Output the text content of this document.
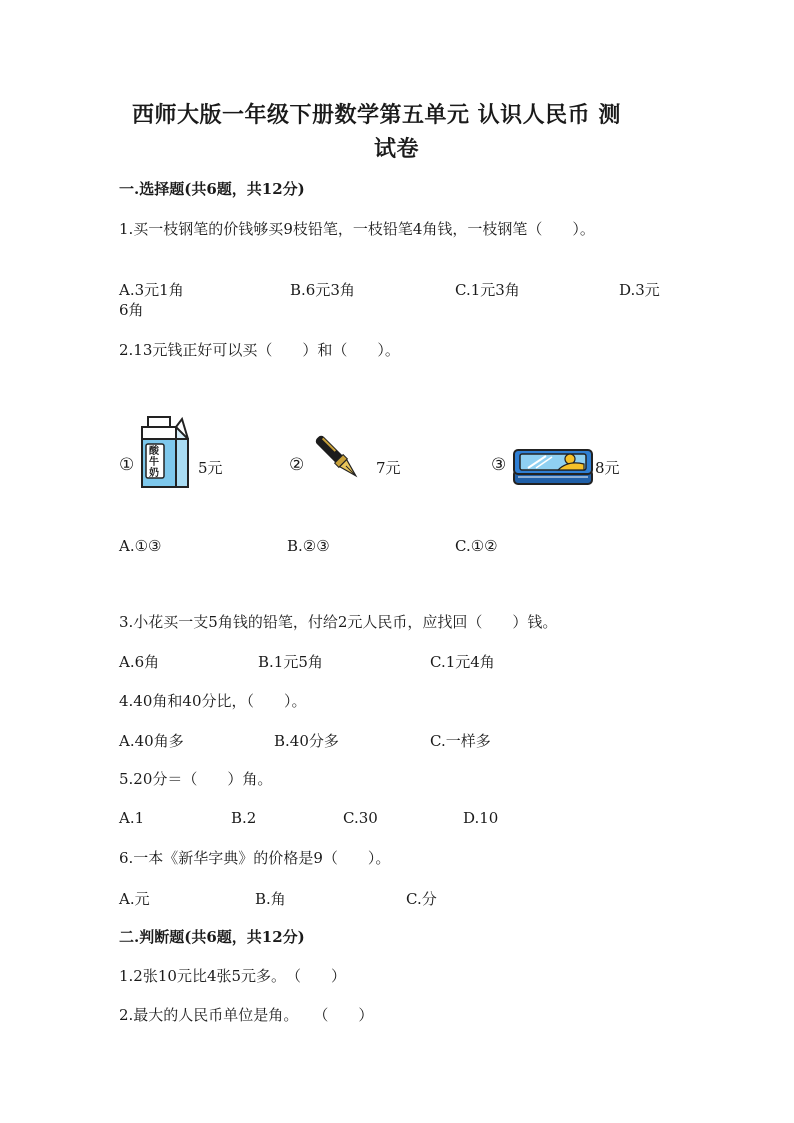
西师大版一年级下册数学第五单元 认识人民币 测
试卷
一.选择题(共6题，共12分)
1.买一枝钢笔的价钱够买9枝铅笔，一枝铅笔4角钱，一枝钢笔（　　）。
A.3元1角	B.6元3角	C.1元3角	D.3元
6角
2.13元钱正好可以买（　　）和（　　）。
①
酸牛奶	5元	②	7元	③	8元
A.①③	B.②③	C.①②
3.小花买一支5角钱的铅笔，付给2元人民币，应找回（　　）钱。
A.6角	B.1元5角	C.1元4角
4.40角和40分比，（　　）。
A.40角多	B.40分多	C.一样多
5.20分＝（　　）角。
A.1	B.2	C.30	D.10
6.一本《新华字典》的价格是9（　　）。
A.元	B.角	C.分
二.判断题(共6题，共12分)
1.2张10元比4张5元多。　（　　）
2.最大的人民币单位是角。　　（　　）
